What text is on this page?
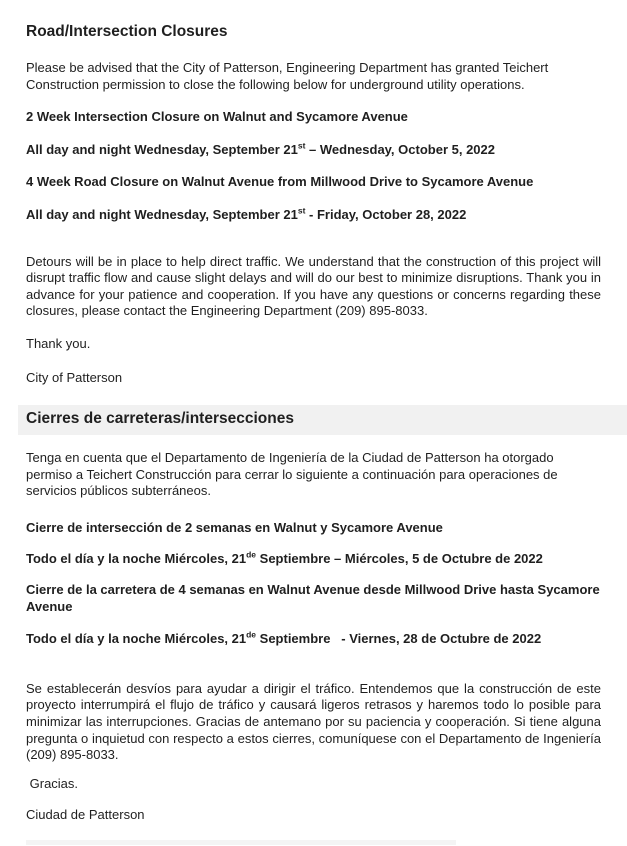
Road/Intersection Closures

Please be advised that the City of Patterson, Engineering Department has granted Teichert Construction permission to close the following below for underground utility operations.

2 Week Intersection Closure on Walnut and Sycamore Avenue

All day and night Wednesday, September 21st – Wednesday, October 5, 2022

4 Week Road Closure on Walnut Avenue from Millwood Drive to Sycamore Avenue

All day and night Wednesday, September 21st - Friday, October 28, 2022

Detours will be in place to help direct traffic. We understand that the construction of this project will disrupt traffic flow and cause slight delays and will do our best to minimize disruptions. Thank you in advance for your patience and cooperation. If you have any questions or concerns regarding these closures, please contact the Engineering Department (209) 895-8033.

Thank you.

City of Patterson

Cierres de carreteras/intersecciones

Tenga en cuenta que el Departamento de Ingeniería de la Ciudad de Patterson ha otorgado permiso a Teichert Construcción para cerrar lo siguiente a continuación para operaciones de servicios públicos subterráneos.

Cierre de intersección de 2 semanas en Walnut y Sycamore Avenue

Todo el día y la noche Miércoles, 21de Septiembre – Miércoles, 5 de Octubre de 2022

Cierre de la carretera de 4 semanas en Walnut Avenue desde Millwood Drive hasta Sycamore Avenue

Todo el día y la noche Miércoles, 21de Septiembre   - Viernes, 28 de Octubre de 2022

Se establecerán desvíos para ayudar a dirigir el tráfico. Entendemos que la construcción de este proyecto interrumpirá el flujo de tráfico y causará ligeros retrasos y haremos todo lo posible para minimizar las interrupciones. Gracias de antemano por su paciencia y cooperación. Si tiene alguna pregunta o inquietud con respecto a estos cierres, comuníquese con el Departamento de Ingeniería (209) 895-8033.

Gracias.

Ciudad de Patterson
